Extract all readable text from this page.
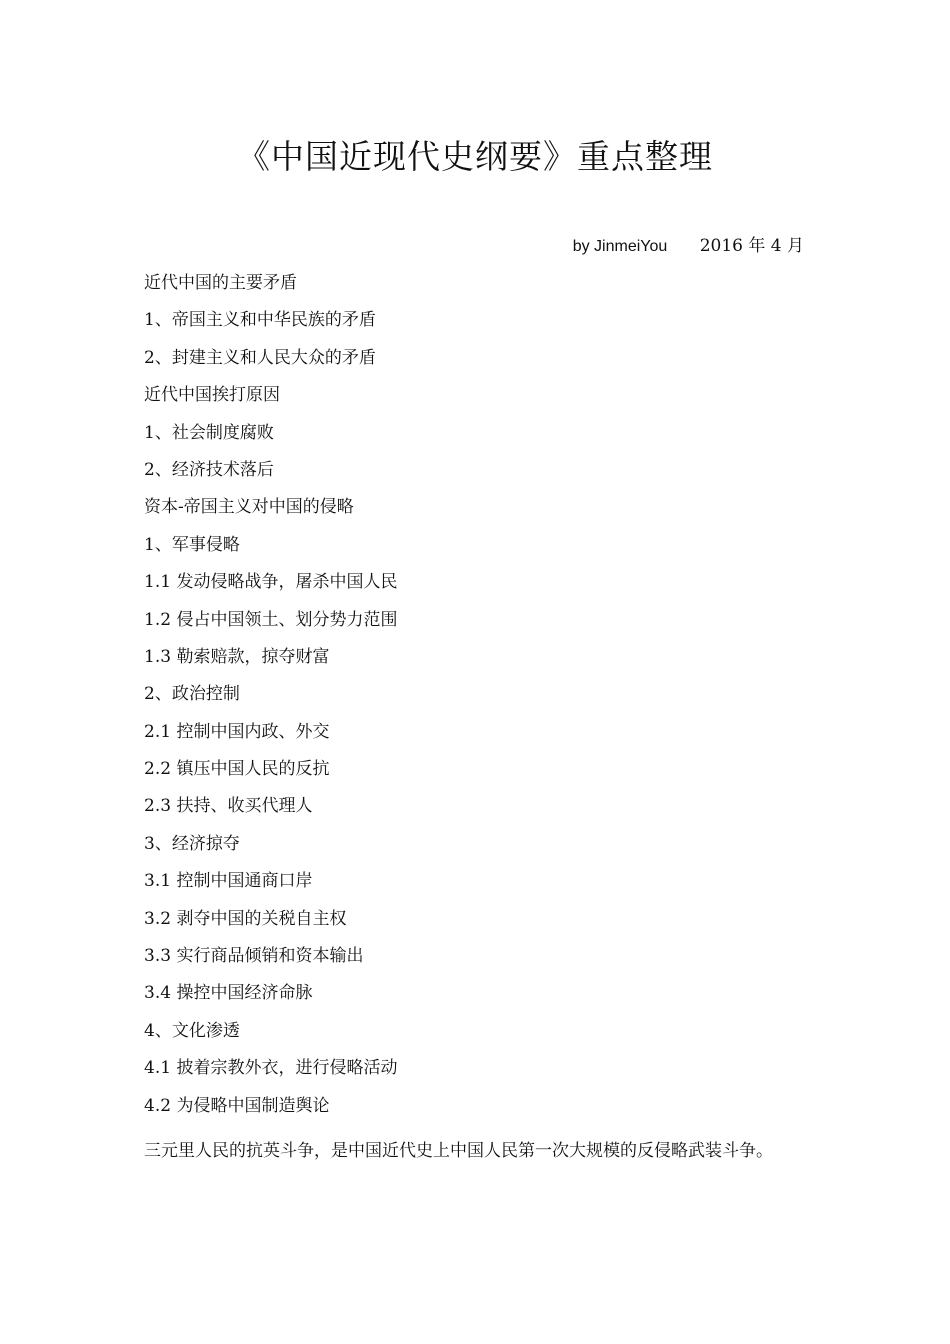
《中国近现代史纲要》重点整理
by JinmeiYou 2016 年 4 月
近代中国的主要矛盾
1、帝国主义和中华民族的矛盾
2、封建主义和人民大众的矛盾
近代中国挨打原因
1、社会制度腐败
2、经济技术落后
资本-帝国主义对中国的侵略
1、军事侵略
1.1 发动侵略战争，屠杀中国人民
1.2 侵占中国领土、划分势力范围
1.3 勒索赔款，掠夺财富
2、政治控制
2.1 控制中国内政、外交
2.2 镇压中国人民的反抗
2.3 扶持、收买代理人
3、经济掠夺
3.1 控制中国通商口岸
3.2 剥夺中国的关税自主权
3.3 实行商品倾销和资本输出
3.4 操控中国经济命脉
4、文化渗透
4.1 披着宗教外衣，进行侵略活动
4.2 为侵略中国制造舆论
三元里人民的抗英斗争，是中国近代史上中国人民第一次大规模的反侵略武装斗争。
